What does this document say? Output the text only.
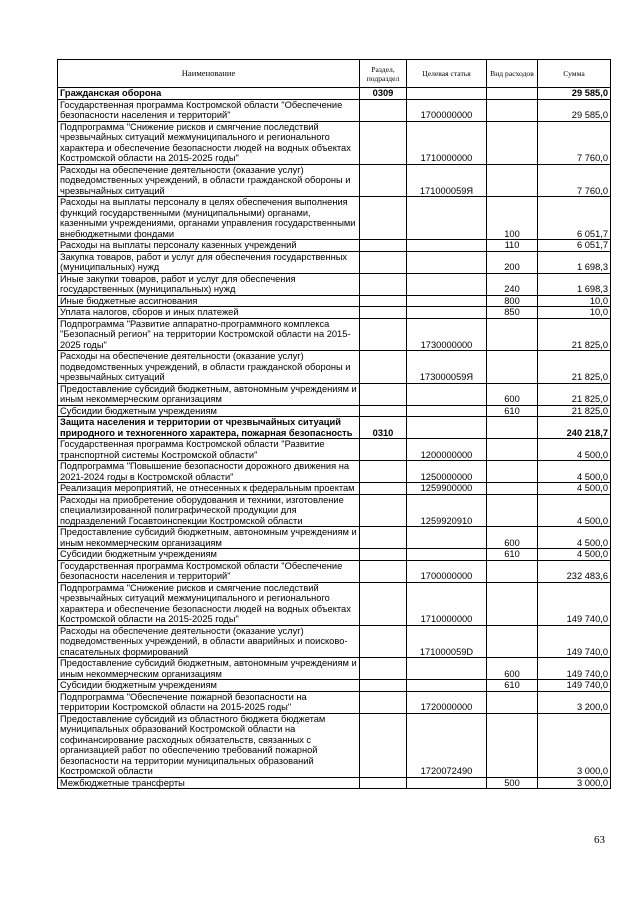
Наименование	Раздел, подраздел	Целевая статья	Вид расходов	Сумма
Гражданская оборона	0309			29 585,0
Государственная программа Костромской области "Обеспечение безопасности населения и территорий"		1700000000		29 585,0
Подпрограмма "Снижение рисков и смягчение последствий чрезвычайных ситуаций межмуниципального и регионального характера и обеспечение безопасности людей на водных объектах Костромской области на 2015-2025 годы"		1710000000		7 760,0
Расходы на обеспечение деятельности (оказание услуг) подведомственных учреждений, в области гражданской обороны и чрезвычайных ситуаций		171000059Я		7 760,0
Расходы на выплаты персоналу в целях обеспечения выполнения функций государственными (муниципальными) органами, казенными учреждениями, органами управления государственными внебюджетными фондами			100	6 051,7
Расходы на выплаты персоналу казенных учреждений			110	6 051,7
Закупка товаров, работ и услуг для обеспечения государственных (муниципальных) нужд			200	1 698,3
Иные закупки товаров, работ и услуг для обеспечения государственных (муниципальных) нужд			240	1 698,3
Иные бюджетные ассигнования			800	10,0
Уплата налогов, сборов и иных платежей			850	10,0
Подпрограмма "Развитие аппаратно-программного комплекса "Безопасный регион" на территории Костромской области на 2015-2025 годы"		1730000000		21 825,0
Расходы на обеспечение деятельности (оказание услуг) подведомственных учреждений, в области гражданской обороны и чрезвычайных ситуаций		173000059Я		21 825,0
Предоставление субсидий бюджетным, автономным учреждениям и иным некоммерческим организациям			600	21 825,0
Субсидии бюджетным учреждениям			610	21 825,0
Защита населения и территории от чрезвычайных ситуаций природного и техногенного характера, пожарная безопасность	0310			240 218,7
Государственная программа Костромской области "Развитие транспортной системы Костромской области"		1200000000		4 500,0
Подпрограмма "Повышение безопасности дорожного движения на 2021-2024 годы в Костромской области"		1250000000		4 500,0
Реализация мероприятий, не отнесенных к федеральным проектам		1259900000		4 500,0
Расходы на приобретение оборудования и техники, изготовление специализированной полиграфической продукции для подразделений Госавтоинспекции Костромской области		1259920910		4 500,0
Предоставление субсидий бюджетным, автономным учреждениям и иным некоммерческим организациям			600	4 500,0
Субсидии бюджетным учреждениям			610	4 500,0
Государственная программа Костромской области "Обеспечение безопасности населения и территорий"		1700000000		232 483,6
Подпрограмма "Снижение рисков и смягчение последствий чрезвычайных ситуаций межмуниципального и регионального характера и обеспечение безопасности людей на водных объектах Костромской области на 2015-2025 годы"		1710000000		149 740,0
Расходы на обеспечение деятельности (оказание услуг) подведомственных учреждений, в области аварийных и поисково-спасательных формирований		171000059D		149 740,0
Предоставление субсидий бюджетным, автономным учреждениям и иным некоммерческим организациям			600	149 740,0
Субсидии бюджетным учреждениям			610	149 740,0
Подпрограмма "Обеспечение пожарной безопасности на территории Костромской области на 2015-2025 годы"		1720000000		3 200,0
Предоставление субсидий из областного бюджета бюджетам муниципальных образований Костромской области на софинансирование расходных обязательств, связанных с организацией работ по обеспечению требований пожарной безопасности на территории муниципальных образований Костромской области		1720072490		3 000,0
Межбюджетные трансферты			500	3 000,0
63
